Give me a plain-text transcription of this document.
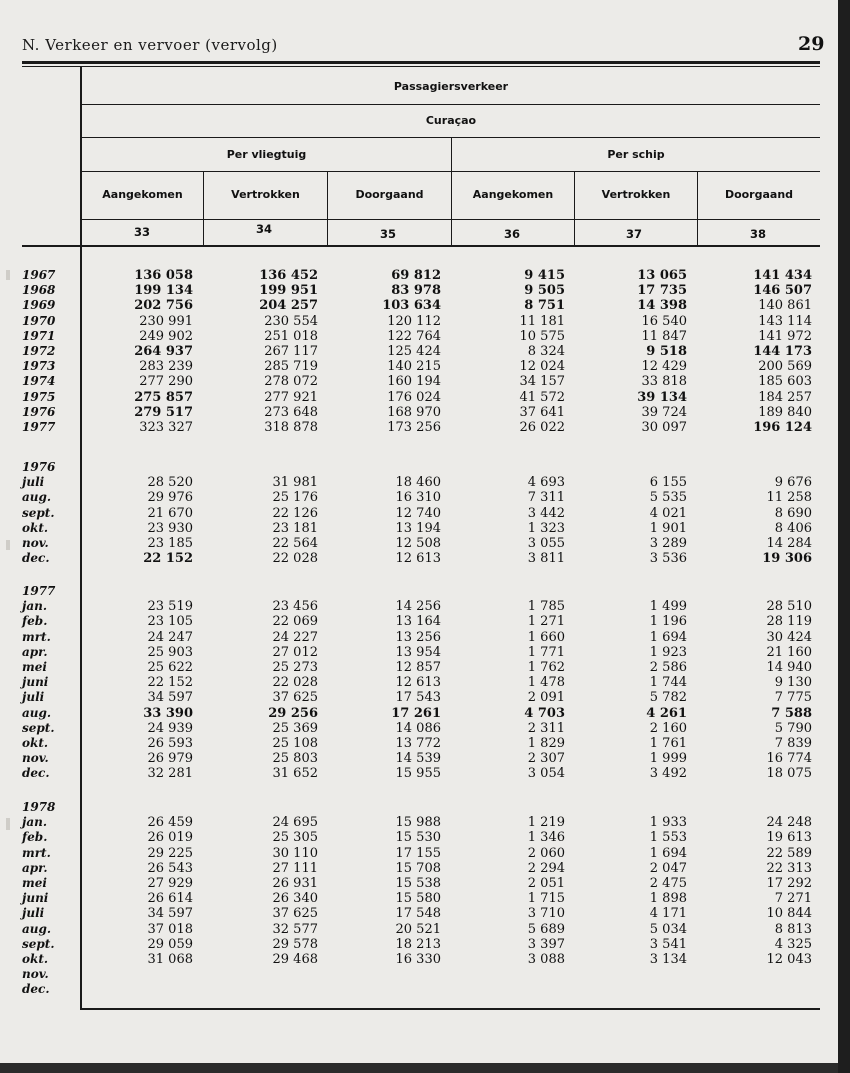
N. Verkeer en vervoer (vervolg)	29
Passagiersverkeer
Curaçao
Per vliegtuig	Per schip
Aangekomen	Vertrokken	Doorgaand	Aangekomen	Vertrokken	Doorgaand
33	34	35	36	37	38
1967	136 058	136 452	69 812	9 415	13 065	141 434
1968	199 134	199 951	83 978	9 505	17 735	146 507
1969	202 756	204 257	103 634	8 751	14 398	140 861
1970	230 991	230 554	120 112	11 181	16 540	143 114
1971	249 902	251 018	122 764	10 575	11 847	141 972
1972	264 937	267 117	125 424	8 324	9 518	144 173
1973	283 239	285 719	140 215	12 024	12 429	200 569
1974	277 290	278 072	160 194	34 157	33 818	185 603
1975	275 857	277 921	176 024	41 572	39 134	184 257
1976	279 517	273 648	168 970	37 641	39 724	189 840
1977	323 327	318 878	173 256	26 022	30 097	196 124
1976
juli	28 520	31 981	18 460	4 693	6 155	9 676
aug.	29 976	25 176	16 310	7 311	5 535	11 258
sept.	21 670	22 126	12 740	3 442	4 021	8 690
okt.	23 930	23 181	13 194	1 323	1 901	8 406
nov.	23 185	22 564	12 508	3 055	3 289	14 284
dec.	22 152	22 028	12 613	3 811	3 536	19 306
1977
jan.	23 519	23 456	14 256	1 785	1 499	28 510
feb.	23 105	22 069	13 164	1 271	1 196	28 119
mrt.	24 247	24 227	13 256	1 660	1 694	30 424
apr.	25 903	27 012	13 954	1 771	1 923	21 160
mei	25 622	25 273	12 857	1 762	2 586	14 940
juni	22 152	22 028	12 613	1 478	1 744	9 130
juli	34 597	37 625	17 543	2 091	5 782	7 775
aug.	33 390	29 256	17 261	4 703	4 261	7 588
sept.	24 939	25 369	14 086	2 311	2 160	5 790
okt.	26 593	25 108	13 772	1 829	1 761	7 839
nov.	26 979	25 803	14 539	2 307	1 999	16 774
dec.	32 281	31 652	15 955	3 054	3 492	18 075
1978
jan.	26 459	24 695	15 988	1 219	1 933	24 248
feb.	26 019	25 305	15 530	1 346	1 553	19 613
mrt.	29 225	30 110	17 155	2 060	1 694	22 589
apr.	26 543	27 111	15 708	2 294	2 047	22 313
mei	27 929	26 931	15 538	2 051	2 475	17 292
juni	26 614	26 340	15 580	1 715	1 898	7 271
juli	34 597	37 625	17 548	3 710	4 171	10 844
aug.	37 018	32 577	20 521	5 689	5 034	8 813
sept.	29 059	29 578	18 213	3 397	3 541	4 325
okt.	31 068	29 468	16 330	3 088	3 134	12 043
nov.
dec.
